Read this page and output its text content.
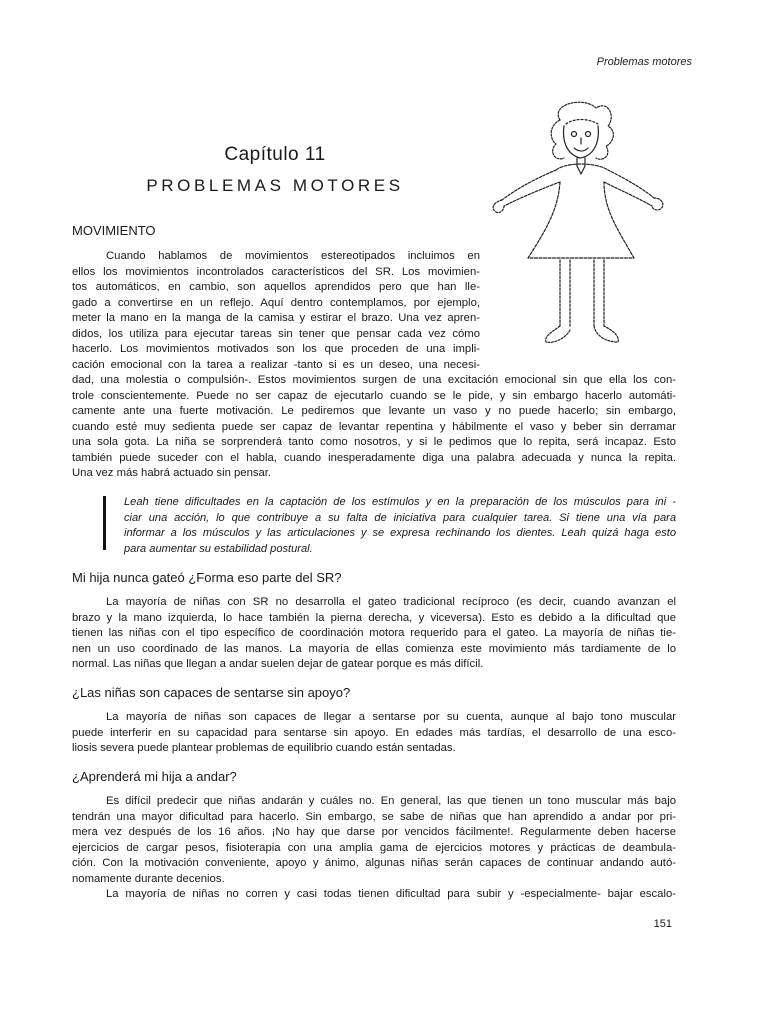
Problemas motores
Capítulo 11
PROBLEMAS MOTORES
MOVIMIENTO

Cuando hablamos de movimientos estereotipados incluimos en
ellos los movimientos incontrolados característicos del SR. Los movimien-
tos automáticos, en cambio, son aquellos aprendidos pero que han lle-
gado a convertirse en un reflejo. Aquí dentro contemplamos, por ejemplo,
meter la mano en la manga de la camisa y estirar el brazo. Una vez apren-
didos, los utiliza para ejecutar tareas sin tener que pensar cada vez cómo
hacerlo. Los movimientos motivados son los que proceden de una impli-
cación emocional con la tarea a realizar -tanto si es un deseo, una necesi-

dad, una molestia o compulsión-. Estos movimientos surgen de una excitación emocional sin que ella los con-
trole conscientemente. Puede no ser capaz de ejecutarlo cuando se le pide, y sin embargo hacerlo automáti-
camente ante una fuerte motivación. Le pediremos que levante un vaso y no puede hacerlo; sin embargo,
cuando esté muy sedienta puede ser capaz de levantar repentina y hábilmente el vaso y beber sin derramar
una sola gota. La niña se sorprenderá tanto como nosotros, y si le pedimos que lo repita, será incapaz. Esto
también puede suceder con el habla, cuando inesperadamente diga una palabra adecuada y nunca la repita.
Una vez más habrá actuado sin pensar.

Leah tiene dificultades en la captación de los estímulos y en la preparación de los músculos para ini -
ciar una acción, lo que contribuye a su falta de iniciativa para cualquier tarea. Si tiene una vía para
informar a los músculos y las articulaciones y se expresa rechinando los dientes. Leah quizá haga esto
para aumentar su estabilidad postural.

Mi hija nunca gateó ¿Forma eso parte del SR?

La mayoría de niñas con SR no desarrolla el gateo tradicional recíproco (es decir, cuando avanzan el
brazo y la mano izquierda, lo hace también la pierna derecha, y viceversa). Esto es debido a la dificultad que
tienen las niñas con el tipo específico de coordinación motora requerido para el gateo. La mayoría de niñas tie-
nen un uso coordinado de las manos. La mayoría de ellas comienza este movimiento más tardiamente de lo
normal. Las niñas que llegan a andar suelen dejar de gatear porque es más difícil.

¿Las niñas son capaces de sentarse sin apoyo?

La mayoría de niñas son capaces de llegar a sentarse por su cuenta, aunque al bajo tono muscular
puede interferir en su capacidad para sentarse sin apoyo. En edades más tardías, el desarrollo de una esco-
liosis severa puede plantear problemas de equilibrio cuando están sentadas.

¿Aprenderá mi hija a andar?

Es difícil predecir que niñas andarán y cuáles no. En general, las que tienen un tono muscular más bajo
tendrán una mayor dificultad para hacerlo. Sin embargo, se sabe de niñas que han aprendido a andar por pri-
mera vez después de los 16 años. ¡No hay que darse por vencidos fácilmente!. Regularmente deben hacerse
ejercicios de cargar pesos, fisioterapia con una amplia gama de ejercicios motores y prácticas de deambula-
ción. Con la motivación conveniente, apoyo y ánimo, algunas niñas serán capaces de continuar andando autó-
nomamente durante decenios.
La mayoría de niñas no corren y casi todas tienen dificultad para subir y -especialmente- bajar escalo-

151
